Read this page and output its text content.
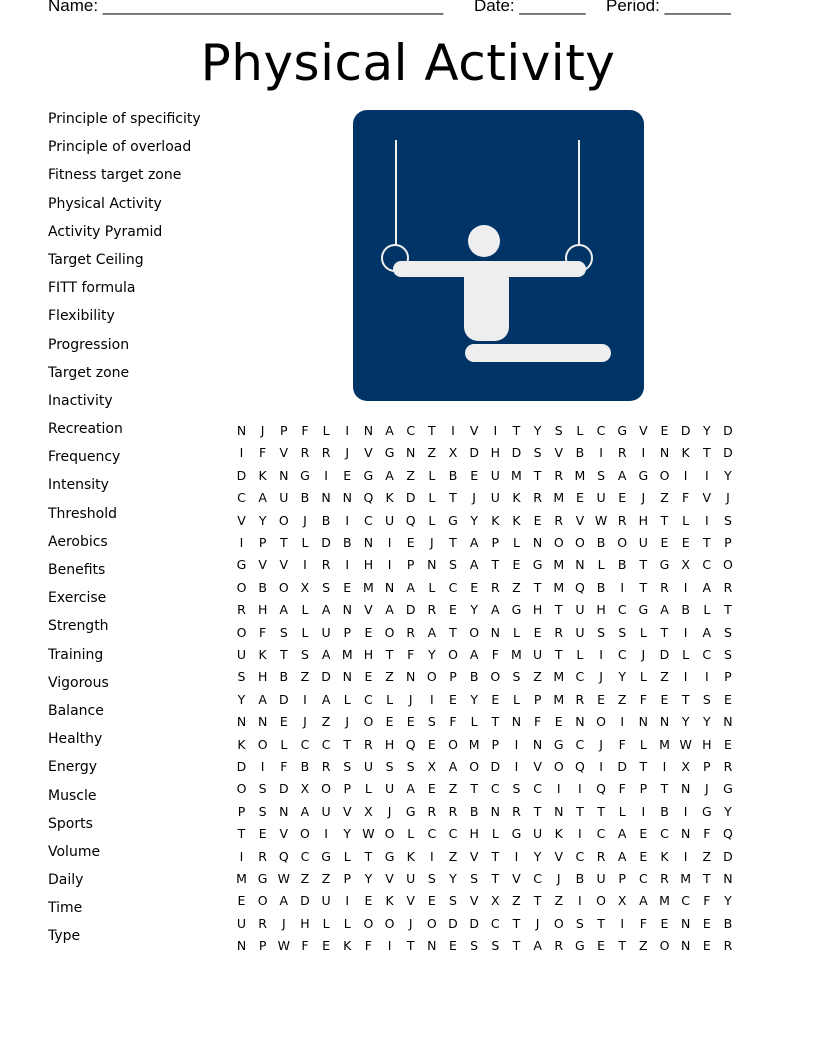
Name: ____________________________________

Date: _______

Period: _______

Physical Activity
Principle of specificity
Principle of overload
Fitness target zone
Physical Activity
Activity Pyramid
Target Ceiling
FITT formula
Flexibility
Progression
Target zone
Inactivity
Recreation
Frequency
Intensity
Threshold
Aerobics
Benefits
Exercise
Strength
Training
Vigorous
Balance
Healthy
Energy
Muscle
Sports
Volume
Daily
Time
Type
N	J	P	F	L	I	N A C	T	I	V	I	T	Y	S	L	C G V	E D	Y	D
I	F	V	R R	J	V G N Z	X D H D S	V	B	I	R	I	N K	T	D
D K N G	I	E G A	Z	L	B	E	U M T	R M S	A G O	I	I	Y
C	A U B N N Q K D	L	T	J	U K	R M E	U	E	J	Z	F	V	J
V	Y O	J	B	I	C U Q	L	G Y	K	K	E	R	V W R H	T	L	I	S
I	P	T	L	D B N	I	E	J	T	A	P	L	N O O B O U	E	E	T	P
G V	V	I	R	I	H	I	P	N	S	A	T	E G M N	L	B	T	G X	C O
O B O X	S	E M N A	L	C	E	R	Z	T M Q B	I	T	R	I	A	R
R H A	L	A N V	A D R	E	Y	A G H	T	U H C G A	B	L	T
O	F	S	L	U	P	E O R	A	T O N	L	E	R U	S	S	L	T	I	A	S
U K	T	S	A M H	T	F	Y O A	F M U	T	L	I	C	J	D	L	C	S
S H B	Z D N	E	Z N O P	B O S	Z M C	J	Y	L	Z	I	I	P
Y	A D	I	A	L	C	L	J	I	E	Y	E	L	P M R	E	Z	F	E	T	S	E
N N	E	J	Z	J	O E	E	S	F	L	T	N	F	E	N O	I	N N	Y	Y	N
K O	L	C C	T	R H Q E O M P	I	N G C	J	F	L M W H E
D	I	F	B	R	S	U	S	S	X	A O D	I	V O Q	I	D	T	I	X	P	R
O S D X O P	L	U A	E	Z	T	C	S	C	I	I	Q	F	P	T	N	J	G
P	S	N A U V	X	J	G R R	B N R	T	N	T	T	L	I	B	I	G Y
T	E	V O	I	Y W O	L	C C H	L	G U K	I	C	A	E	C N	F	Q
I	R Q C G	L	T	G K	I	Z	V	T	I	Y	V C R	A	E	K	I	Z D
M G W Z	Z	P	Y	V U	S	Y	S	T	V	C	J	B U	P	C R M T	N
E O A D U	I	E	K	V	E	S	V	X	Z	T	Z	I	O X	A M C	F	Y
U R	J	H	L	L	O O	J	O D D C	T	J	O S	T	I	F	E	N	E	B
N	P W F	E	K	F	I	T	N	E	S	S	T	A	R G E	T	Z O N	E	R
